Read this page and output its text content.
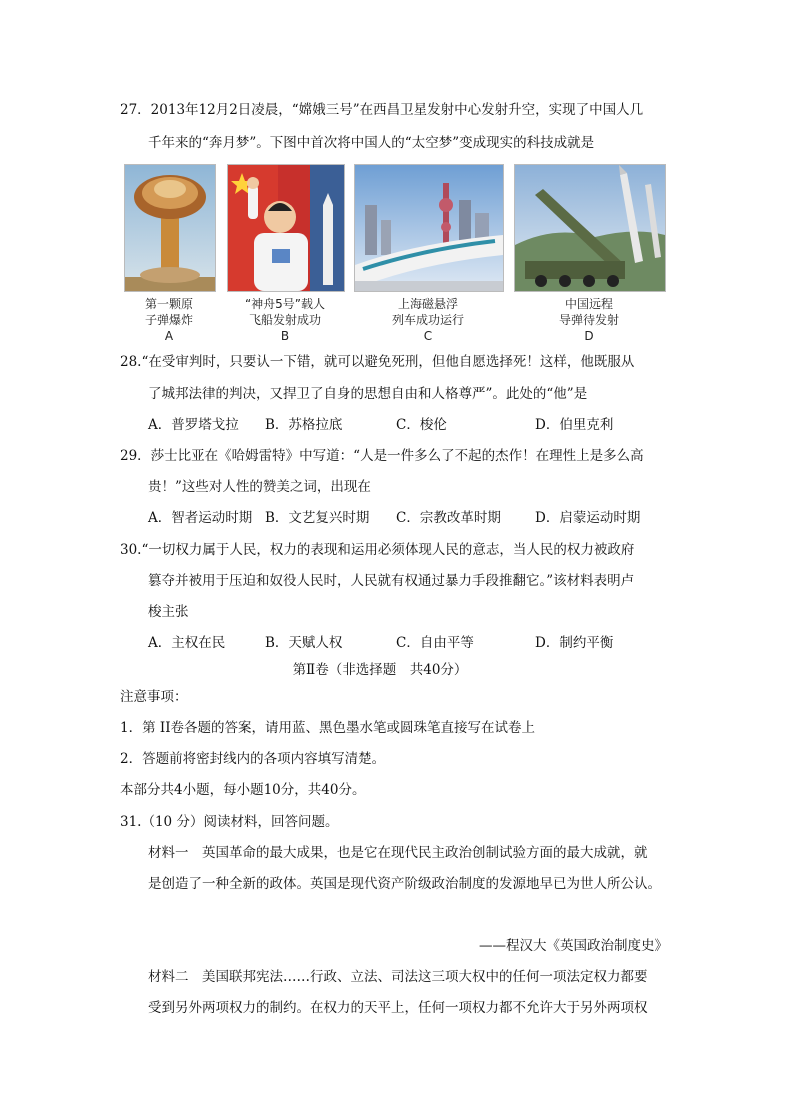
27．2013年12月2日凌晨，“嫦娥三号”在西昌卫星发射中心发射升空，实现了中国人几
千年来的“奔月梦”。下图中首次将中国人的“太空梦”变成现实的科技成就是
第一颗原
子弹爆炸
A
“神舟5号”载人
飞船发射成功
B
上海磁悬浮
列车成功运行
C
中国远程
导弹待发射
D
28.“在受审判时，只要认一下错，就可以避免死刑，但他自愿选择死！这样，他既服从
了城邦法律的判决，又捍卫了自身的思想自由和人格尊严”。此处的“他”是
A．普罗塔戈拉 B．苏格拉底	C．梭伦	D．伯里克利
29．莎士比亚在《哈姆雷特》中写道：“人是一件多么了不起的杰作！在理性上是多么高
贵！”这些对人性的赞美之词，出现在
A．智者运动时期 B．文艺复兴时期 C．宗教改革时期	D．启蒙运动时期
30.“一切权力属于人民，权力的表现和运用必须体现人民的意志，当人民的权力被政府
篡夺并被用于压迫和奴役人民时，人民就有权通过暴力手段推翻它。”该材料表明卢
梭主张
A．主权在民	B．天赋人权	C．自由平等	D．制约平衡
第Ⅱ卷（非选择题　共40分）
注意事项：
1．第 II卷各题的答案，请用蓝、黑色墨水笔或圆珠笔直接写在试卷上
2．答题前将密封线内的各项内容填写清楚。
本部分共4小题，每小题10分，共40分。
31.（10 分）阅读材料，回答问题。
材料一　英国革命的最大成果，也是它在现代民主政治创制试验方面的最大成就，就
是创造了一种全新的政体。英国是现代资产阶级政治制度的发源地早已为世人所公认。
——程汉大《英国政治制度史》
材料二　美国联邦宪法……行政、立法、司法这三项大权中的任何一项法定权力都要
受到另外两项权力的制约。在权力的天平上，任何一项权力都不允许大于另外两项权
